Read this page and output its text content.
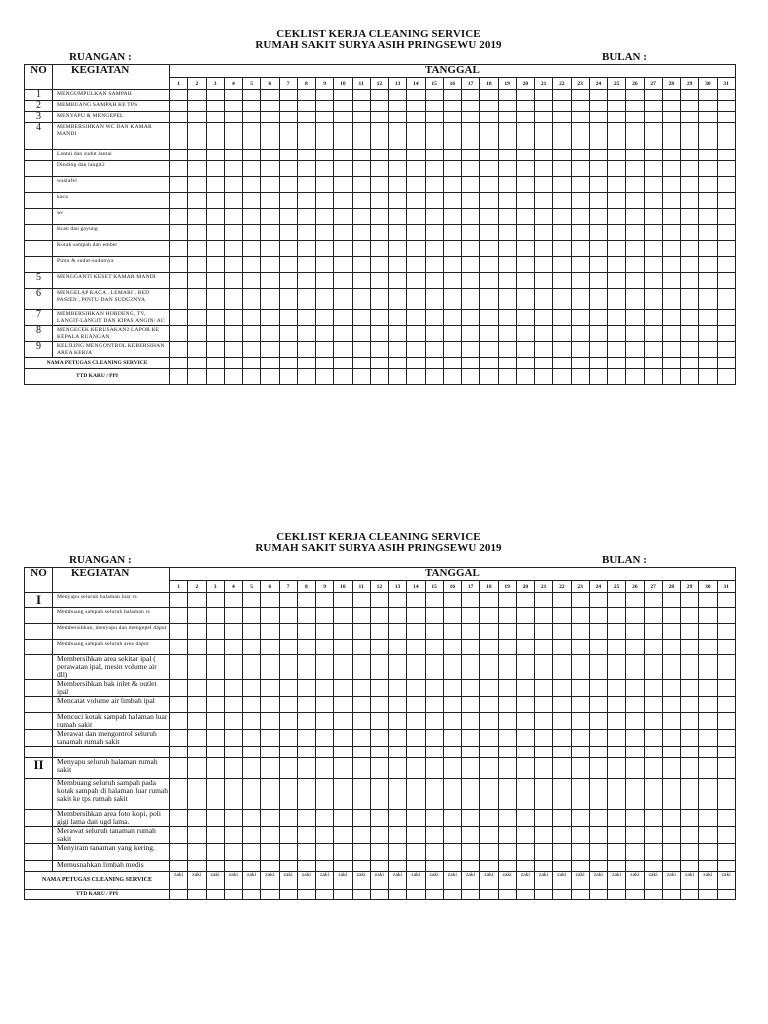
CEKLIST KERJA CLEANING SERVICE
RUMAH SAKIT SURYA ASIH PRINGSEWU 2019
RUANGAN :	BULAN :
NO	KEGIATAN	TANGGAL																														
		1	2	3	4	5	6	7	8	9	10	11	12	13	14	15	16	17	18	19	20	21	22	23	24	25	26	27	28	29	30	31
1	MENGUMPULKAN SAMPAH																															
2	MEMBUANG SAMPAH KE TPS																															
3	MENYAPU & MENGEPEL																															
4	MEMBERSIHKAN WC DAN KAMAR MANDI																															
	Lantai dan sudut lantai																															
	Dinding dan langit2																															
	wastafel																															
	kaca																															
	wc																															
	Kran dan gayung																															
	Kotak sampah dan ember																															
	Pintu & sudut-sudutnya																															
5	MENGGANTI KESET KAMAR MANDI																															
6	MENGELAP KACA , LEMARI , BED PASIEN , PINTU DAN SUDU2NYA																															
7	MEMBERSIHKAN HORDENG, TV, LANGIT-LANGIT DAN KIPAS ANGIN/ AC																															
8	MENGECEK KERUSAKAN2 LAPOR KE KEPALA RUANGAN																															
9	KELILING MENGONTROL KEBERSIHAN AREA KERJA																															
NAMA PETUGAS CLEANING SERVICE																																
TTD KARU / PPI																																
CEKLIST KERJA CLEANING SERVICE
RUMAH SAKIT SURYA ASIH PRINGSEWU 2019
RUANGAN :	BULAN :
NO	KEGIATAN	TANGGAL																														
		1	2	3	4	5	6	7	8	9	10	11	12	13	14	15	16	17	18	19	20	21	22	23	24	25	26	27	28	29	30	31
I	Menyapu seluruh halaman luar rs																															
	Membuang sampah seluruh halaman rs																															
	Membersihkan, menyapu dan mengepel dapur																															
	Membuang sampah seluruh area dapur																															
	Membersihkan area sekitar ipal ( perawatan ipal, mesin volume air dll)																															
	Membersihkan bak inlet & outlet ipal																															
	Mencatat volume air limbah ipal																															
	Mencuci kotak sampah halaman luar rumah sakit																															
	Merawat dan mengontrol seluruh tanamah rumah sakit																															

II	Menyapu seluruh halaman rumah sakit																															
	Membuang seluruh sampah pada kotak sampah di halaman luar rumah sakit ke tps rumah sakit																															
	Membersihkan area foto kopi, poli gigi lama dan ugd lama.																															
	Merawat seluruh tanaman rumah sakit																															
	Menyiram tanaman yang kering.																															
	Memusnahkan limbah medis																															
NAMA PETUGAS CLEANING SERVICE		zaki	zaki	zaki	zaki	zaki	zaki	zaki	zaki	zaki	zaki	zaki	zaki	zaki	zaki	zaki	zaki	zaki	zaki	zaki	zaki	zaki	zaki	zaki	zaki	zaki	zaki	zaki	zaki	zaki	zaki	zaki
TTD KARU / PPI																																
